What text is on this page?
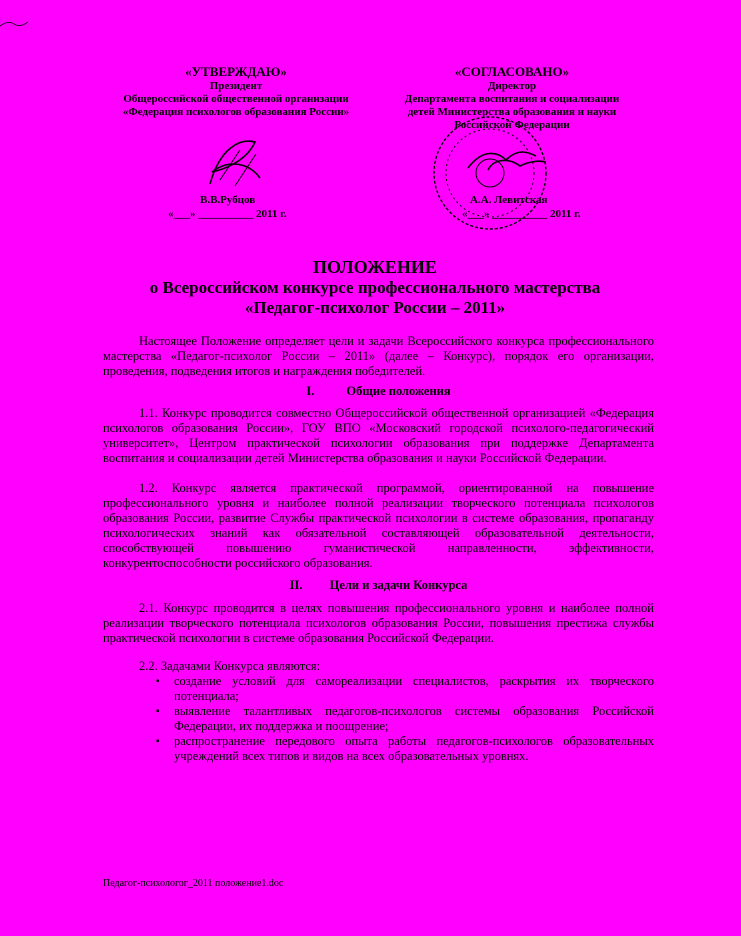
«УТВЕРЖДАЮ»
Президент
Общероссийской общественной организации
«Федерация психологов образования России»
В.В.Рубцов
«___» __________ 2011 г.
«СОГЛАСОВАНО»
Директор
Департамента воспитания и социализации
детей Министерства образования и науки
Российской Федерации
А.А. Левитская
«___» __________ 2011 г.
ПОЛОЖЕНИЕ
о Всероссийском конкурсе профессионального мастерства
«Педагог-психолог России – 2011»
Настоящее Положение определяет цели и задачи Всероссийского конкурса профессионального мастерства «Педагог-психолог России – 2011» (далее – Конкурс), порядок его организации, проведения, подведения итогов и награждения победителей.
I.	Общие положения
1.1. Конкурс проводится совместно Общероссийской общественной организацией «Федерация психологов образования России», ГОУ ВПО «Московский городской психолого-педагогический университет», Центром практической психологии образования при поддержке Департамента воспитания и социализации детей Министерства образования и науки Российской Федерации.
1.2. Конкурс является практической программой, ориентированной на повышение профессионального уровня и наиболее полной реализации творческого потенциала психологов образования России, развитие Службы практической психологии в системе образования, пропаганду психологических знаний как обязательной составляющей образовательной деятельности, способствующей повышению гуманистической направленности, эффективности, конкурентоспособности российского образования.
II. Цели и задачи Конкурса
2.1. Конкурс проводится в целях повышения профессионального уровня и наиболее полной реализации творческого потенциала психологов образования России, повышения престижа службы практической психологии в системе образования Российской Федерации.
2.2. Задачами Конкурса являются:
▪ создание условий для самореализации специалистов, раскрытия их творческого потенциала;
▪ выявление талантливых педагогов-психологов системы образования Российской Федерации, их поддержка и поощрение;
▪ распространение передового опыта работы педагогов-психологов образовательных учреждений всех типов и видов на всех образовательных уровнях.
Педагог-психологог_2011 положение1.doc
